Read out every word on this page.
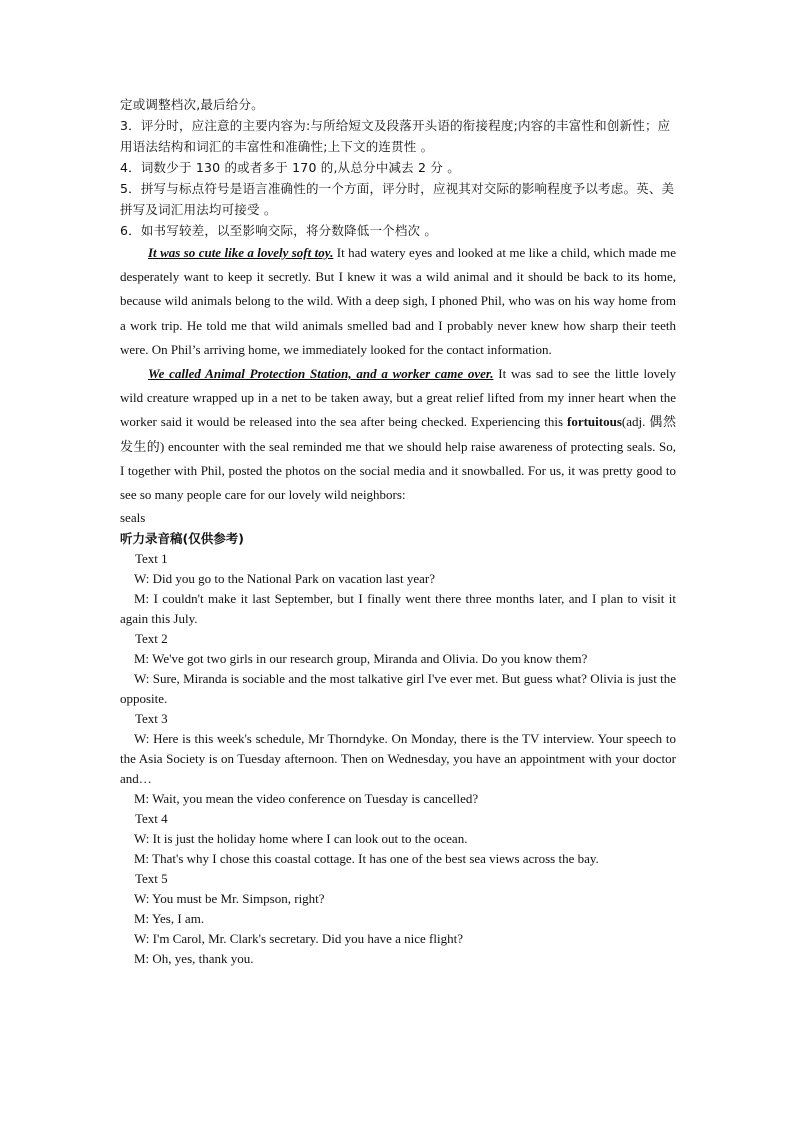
定或调整档次,最后给分。

3．评分时，应注意的主要内容为:与所给短文及段落开头语的衔接程度;内容的丰富性和创新性；应用语法结构和词汇的丰富性和准确性;上下文的连贯性 。

4．词数少于 130 的或者多于 170 的,从总分中减去 2 分 。

5．拼写与标点符号是语言准确性的一个方面，评分时，应视其对交际的影响程度予以考虑。英、美拼写及词汇用法均可接受 。

6．如书写较差，以至影响交际，将分数降低一个档次 。

It was so cute like a lovely soft toy. It had watery eyes and looked at me like a child, which made me desperately want to keep it secretly. But I knew it was a wild animal and it should be back to its home, because wild animals belong to the wild. With a deep sigh, I phoned Phil, who was on his way home from a work trip. He told me that wild animals smelled bad and I probably never knew how sharp their teeth were. On Phil’s arriving home, we immediately looked for the contact information.

We called Animal Protection Station, and a worker came over. It was sad to see the little lovely wild creature wrapped up in a net to be taken away, but a great relief lifted from my inner heart when the worker said it would be released into the sea after being checked. Experiencing this fortuitous(adj. 偶然发生的) encounter with the seal reminded me that we should help raise awareness of protecting seals. So, I together with Phil, posted the photos on the social media and it snowballed. For us, it was pretty good to see so many people care for our lovely wild neighbors:

seals

听力录音稿(仅供参考)

Text 1

W: Did you go to the National Park on vacation last year?

M: I couldn't make it last September, but I finally went there three months later, and I plan to visit it again this July.

Text 2

M: We've got two girls in our research group, Miranda and Olivia. Do you know them?

W: Sure, Miranda is sociable and the most talkative girl I've ever met. But guess what? Olivia is just the opposite.

Text 3

W: Here is this week's schedule, Mr Thorndyke. On Monday, there is the TV interview. Your speech to the Asia Society is on Tuesday afternoon. Then on Wednesday, you have an appointment with your doctor and…

M: Wait, you mean the video conference on Tuesday is cancelled?

Text 4

W: It is just the holiday home where I can look out to the ocean.

M: That's why I chose this coastal cottage. It has one of the best sea views across the bay.

Text 5

W: You must be Mr. Simpson, right?

M: Yes, I am.

W: I'm Carol, Mr. Clark's secretary. Did you have a nice flight?

M: Oh, yes, thank you.
